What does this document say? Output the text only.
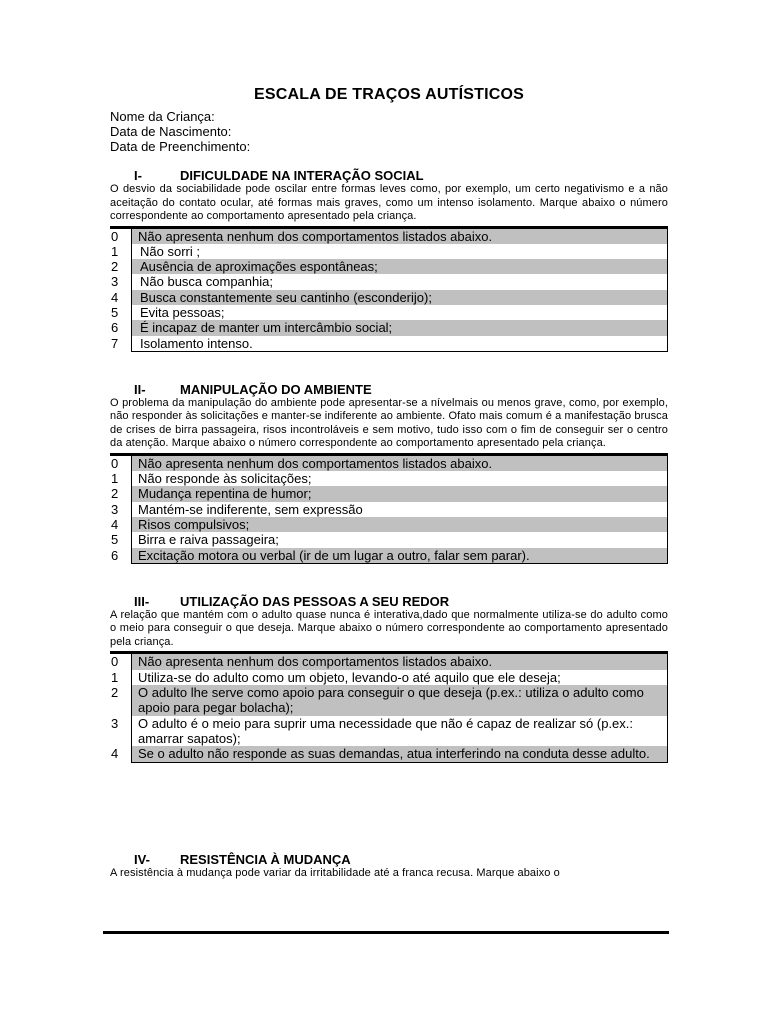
ESCALA DE TRAÇOS AUTÍSTICOS
Nome da Criança:
Data de Nascimento:
Data de Preenchimento:
I-	DIFICULDADE NA INTERAÇÃO SOCIAL
O desvio da sociabilidade pode oscilar entre formas leves como, por exemplo, um certo negativismo e a não aceitação do contato ocular, até formas mais graves, como um intenso isolamento. Marque abaixo o número correspondente ao comportamento apresentado pela criança.
0	Não apresenta nenhum dos comportamentos listados abaixo.
1	Não sorri ;
2	Ausência de aproximações espontâneas;
3	Não busca companhia;
4	Busca constantemente seu cantinho (esconderijo);
5	Evita pessoas;
6	É incapaz de manter um intercâmbio social;
7	Isolamento intenso.
II-	MANIPULAÇÃO DO AMBIENTE
O problema da manipulação do ambiente pode apresentar-se a nívelmais ou menos grave, como, por exemplo, não responder às solicitações e manter-se indiferente ao ambiente. Ofato mais comum é a manifestação brusca de crises de birra passageira, risos incontroláveis e sem motivo, tudo isso com o fim de conseguir ser o centro da atenção. Marque abaixo o número correspondente ao comportamento apresentado pela criança.
0	Não apresenta nenhum dos comportamentos listados abaixo.
1	Não responde às solicitações;
2	Mudança repentina de humor;
3	Mantém-se indiferente, sem expressão
4	Risos compulsivos;
5	Birra e raiva passageira;
6	Excitação motora ou verbal (ir de um lugar a outro, falar sem parar).
III-	UTILIZAÇÃO DAS PESSOAS A SEU REDOR
A relação que mantém com o adulto quase nunca é interativa,dado que normalmente utiliza-se do adulto como o meio para conseguir o que deseja. Marque abaixo o número correspondente ao comportamento apresentado pela criança.
0	Não apresenta nenhum dos comportamentos listados abaixo.
1	Utiliza-se do adulto como um objeto, levando-o até aquilo que ele deseja;
2	O adulto lhe serve como apoio para conseguir o que deseja (p.ex.: utiliza o adulto como apoio para pegar bolacha);
3	O adulto é o meio para suprir uma necessidade que não é capaz de realizar só (p.ex.: amarrar sapatos);
4	Se o adulto não responde as suas demandas, atua interferindo na conduta desse adulto.
IV-	RESISTÊNCIA À MUDANÇA
A resistência à mudança pode variar da irritabilidade até a franca recusa. Marque abaixo o
